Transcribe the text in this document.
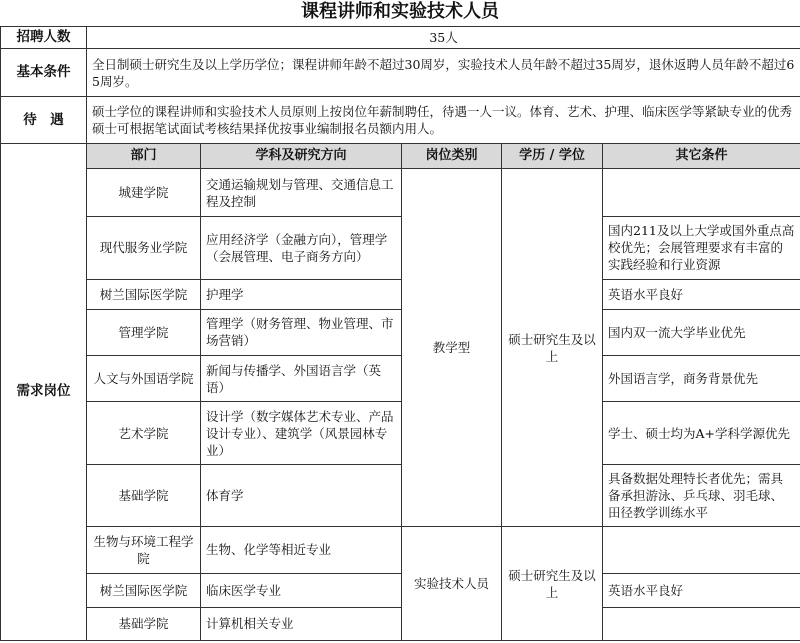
课程讲师和实验技术人员
招聘人数	35人				
基本条件	全日制硕士研究生及以上学历学位；课程讲师年龄不超过30周岁，实验技术人员年龄不超过35周岁，退休返聘人员年龄不超过65周岁。				
待　遇	硕士学位的课程讲师和实验技术人员原则上按岗位年薪制聘任，待遇一人一议。体育、艺术、护理、临床医学等紧缺专业的优秀硕士可根据笔试面试考核结果择优按事业编制报名员额内用人。				
需求岗位	部门	学科及研究方向	岗位类别	学历 / 学位	其它条件
	城建学院	交通运输规划与管理、交通信息工程及控制	教学型	硕士研究生及以上	
	现代服务业学院	应用经济学（金融方向），管理学（会展管理、电子商务方向）			国内211及以上大学或国外重点高校优先；会展管理要求有丰富的实践经验和行业资源
	树兰国际医学院	护理学			英语水平良好
	管理学院	管理学（财务管理、物业管理、市场营销）			国内双一流大学毕业优先
	人文与外国语学院	新闻与传播学、外国语言学（英语）			外国语言学，商务背景优先
	艺术学院	设计学（数字媒体艺术专业、产品设计专业）、建筑学（风景园林专业）			学士、硕士均为A+学科学源优先
	基础学院	体育学			具备数据处理特长者优先；需具备承担游泳、乒乓球、羽毛球、田径教学训练水平
	生物与环境工程学院	生物、化学等相近专业	实验技术人员	硕士研究生及以上	
	树兰国际医学院	临床医学专业			英语水平良好
	基础学院	计算机相关专业			
